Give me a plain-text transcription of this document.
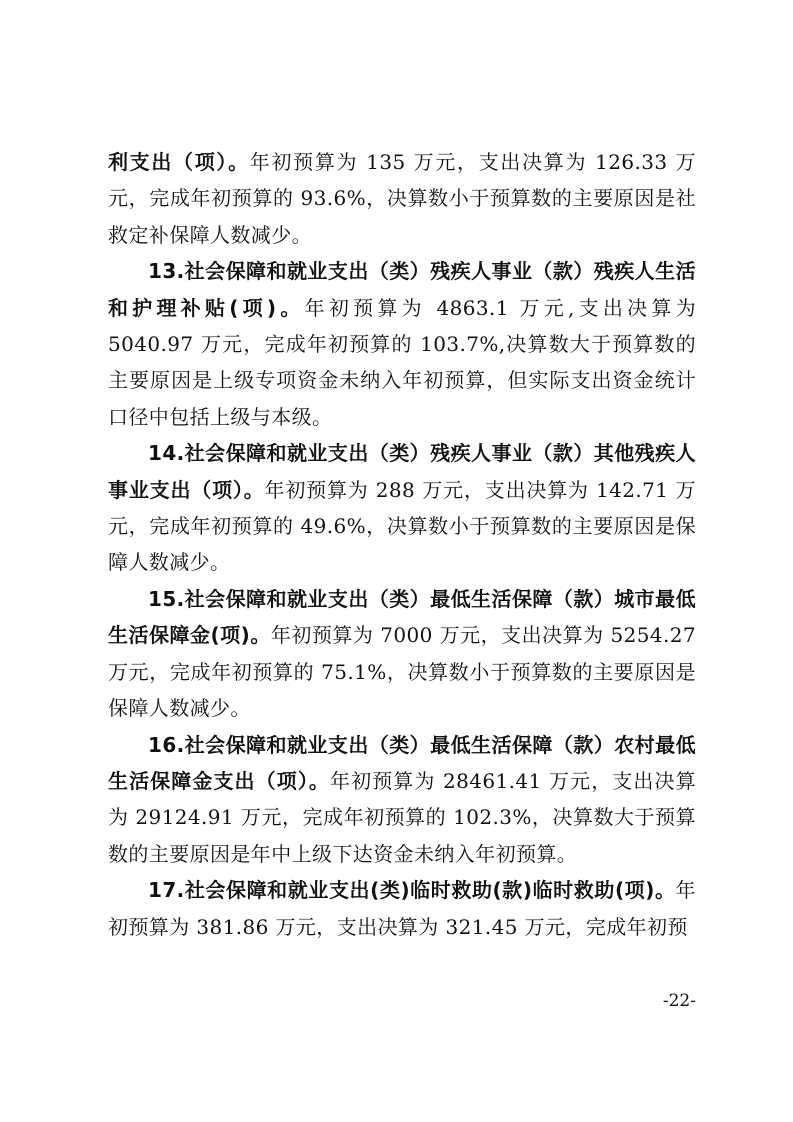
利支出（项）。年初预算为 135 万元，支出决算为 126.33 万元，完成年初预算的 93.6%，决算数小于预算数的主要原因是社救定补保障人数减少。

13.社会保障和就业支出（类）残疾人事业（款）残疾人生活和护理补贴(项)。年初预算为 4863.1 万元,支出决算为 5040.97 万元，完成年初预算的 103.7%,决算数大于预算数的主要原因是上级专项资金未纳入年初预算，但实际支出资金统计口径中包括上级与本级。

14.社会保障和就业支出（类）残疾人事业（款）其他残疾人事业支出（项）。年初预算为 288 万元，支出决算为 142.71 万元，完成年初预算的 49.6%，决算数小于预算数的主要原因是保障人数减少。

15.社会保障和就业支出（类）最低生活保障（款）城市最低生活保障金(项)。年初预算为 7000 万元，支出决算为 5254.27 万元，完成年初预算的 75.1%，决算数小于预算数的主要原因是保障人数减少。

16.社会保障和就业支出（类）最低生活保障（款）农村最低生活保障金支出（项）。年初预算为 28461.41 万元，支出决算为 29124.91 万元，完成年初预算的 102.3%，决算数大于预算数的主要原因是年中上级下达资金未纳入年初预算。

17.社会保障和就业支出(类)临时救助(款)临时救助(项)。年初预算为 381.86 万元，支出决算为 321.45 万元，完成年初预

-22-
